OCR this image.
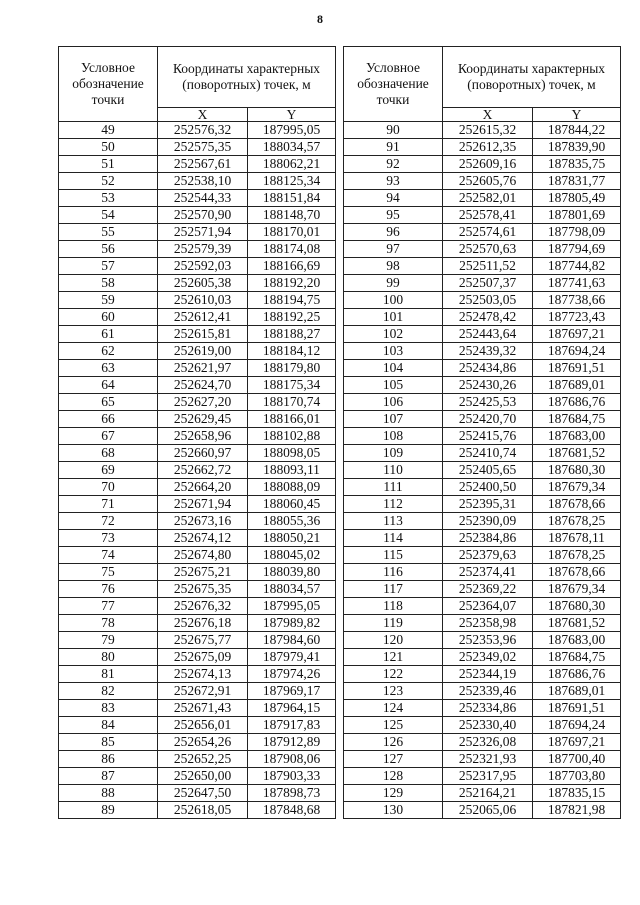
8
Условное обозначение точки	Координаты характерных (поворотных) точек, м	
	X	Y
49	252576,32	187995,05
50	252575,35	188034,57
51	252567,61	188062,21
52	252538,10	188125,34
53	252544,33	188151,84
54	252570,90	188148,70
55	252571,94	188170,01
56	252579,39	188174,08
57	252592,03	188166,69
58	252605,38	188192,20
59	252610,03	188194,75
60	252612,41	188192,25
61	252615,81	188188,27
62	252619,00	188184,12
63	252621,97	188179,80
64	252624,70	188175,34
65	252627,20	188170,74
66	252629,45	188166,01
67	252658,96	188102,88
68	252660,97	188098,05
69	252662,72	188093,11
70	252664,20	188088,09
71	252671,94	188060,45
72	252673,16	188055,36
73	252674,12	188050,21
74	252674,80	188045,02
75	252675,21	188039,80
76	252675,35	188034,57
77	252676,32	187995,05
78	252676,18	187989,82
79	252675,77	187984,60
80	252675,09	187979,41
81	252674,13	187974,26
82	252672,91	187969,17
83	252671,43	187964,15
84	252656,01	187917,83
85	252654,26	187912,89
86	252652,25	187908,06
87	252650,00	187903,33
88	252647,50	187898,73
89	252618,05	187848,68
Условное обозначение точки	Координаты характерных (поворотных) точек, м	
	X	Y
90	252615,32	187844,22
91	252612,35	187839,90
92	252609,16	187835,75
93	252605,76	187831,77
94	252582,01	187805,49
95	252578,41	187801,69
96	252574,61	187798,09
97	252570,63	187794,69
98	252511,52	187744,82
99	252507,37	187741,63
100	252503,05	187738,66
101	252478,42	187723,43
102	252443,64	187697,21
103	252439,32	187694,24
104	252434,86	187691,51
105	252430,26	187689,01
106	252425,53	187686,76
107	252420,70	187684,75
108	252415,76	187683,00
109	252410,74	187681,52
110	252405,65	187680,30
111	252400,50	187679,34
112	252395,31	187678,66
113	252390,09	187678,25
114	252384,86	187678,11
115	252379,63	187678,25
116	252374,41	187678,66
117	252369,22	187679,34
118	252364,07	187680,30
119	252358,98	187681,52
120	252353,96	187683,00
121	252349,02	187684,75
122	252344,19	187686,76
123	252339,46	187689,01
124	252334,86	187691,51
125	252330,40	187694,24
126	252326,08	187697,21
127	252321,93	187700,40
128	252317,95	187703,80
129	252164,21	187835,15
130	252065,06	187821,98
